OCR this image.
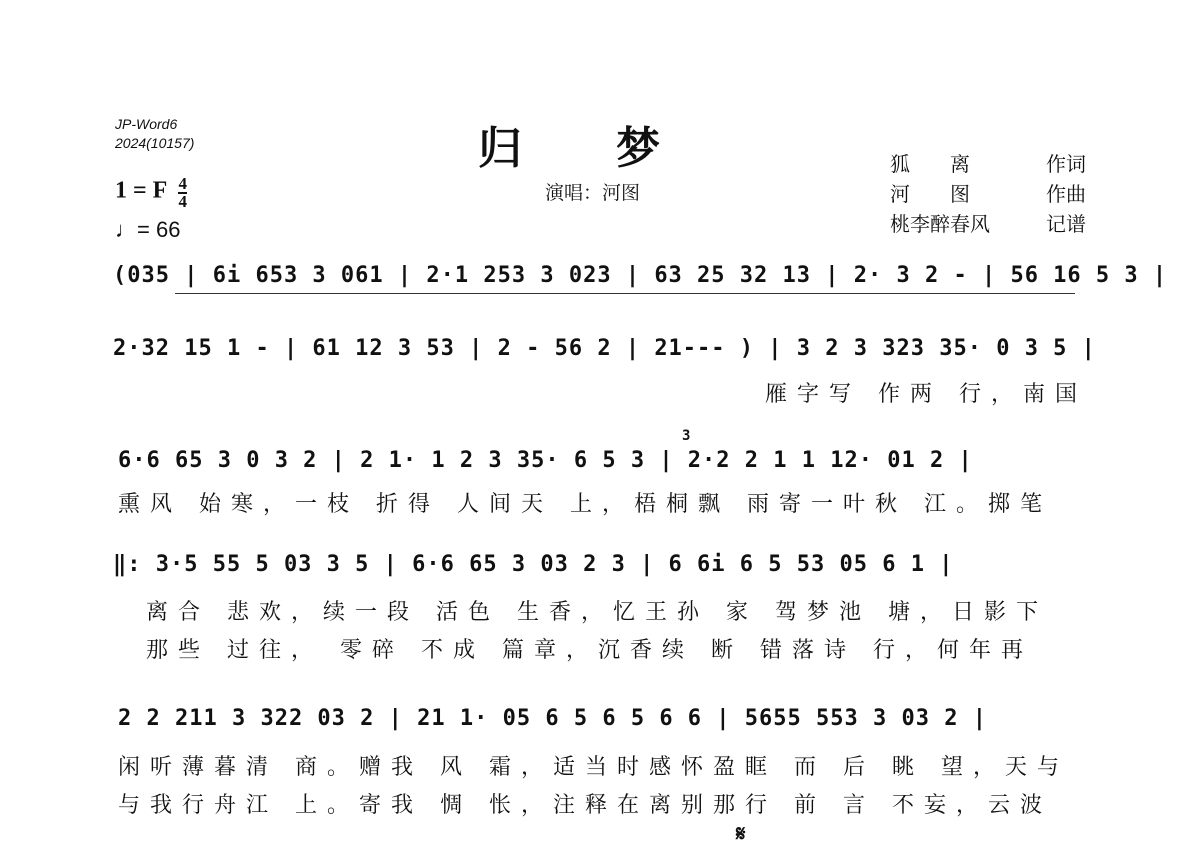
JP-Word6
2024(10157)	归　　梦
演唱：河图
狐　　离	作词
河　　图	作曲
桃李醉春风	记谱
1 = F $\frac{4}{4}$
♩= 66
(035 | 6i 653 3 061 | 2·1 253 3 023 | 63 25 32 13 | 2· 3 2 - | 56 16 5 3 |
2·32 15 1 - | 61 12 3 53 | 2 - 56 2 | 21--- ) | 3 2 3 323 35· 0 3 5 |
雁字写 作两 行，南国
3
6·6 65 3 0 3 2 | 2 1· 1 2 3 35· 6 5 3 | 2·2 2 1 1 12· 01 2 |
熏风 始寒，一枝 折得 人间天 上，梧桐飘 雨寄一叶秋 江。掷笔
‖: 3·5 55 5 03 3 5 | 6·6 65 3 03 2 3 | 6 6i 6 5 53 05 6 1 |
离合 悲欢，续一段 活色 生香，忆王孙 家 驾梦池 塘，日影下
那些 过往， 零碎 不成 篇章，沉香续 断 错落诗 行，何年再
2 2 211 3 322 03 2 | 21 1· 05 6 5 6 5 6 6 | 5655 553 3 03 2 |
闲听薄暮清 商。赠我 风 霜，适当时感怀盈眶 而 后 眺 望，天与
与我行舟江 上。寄我 惆 怅，注释在离别那行 前 言 不妄，云波
𝄋
